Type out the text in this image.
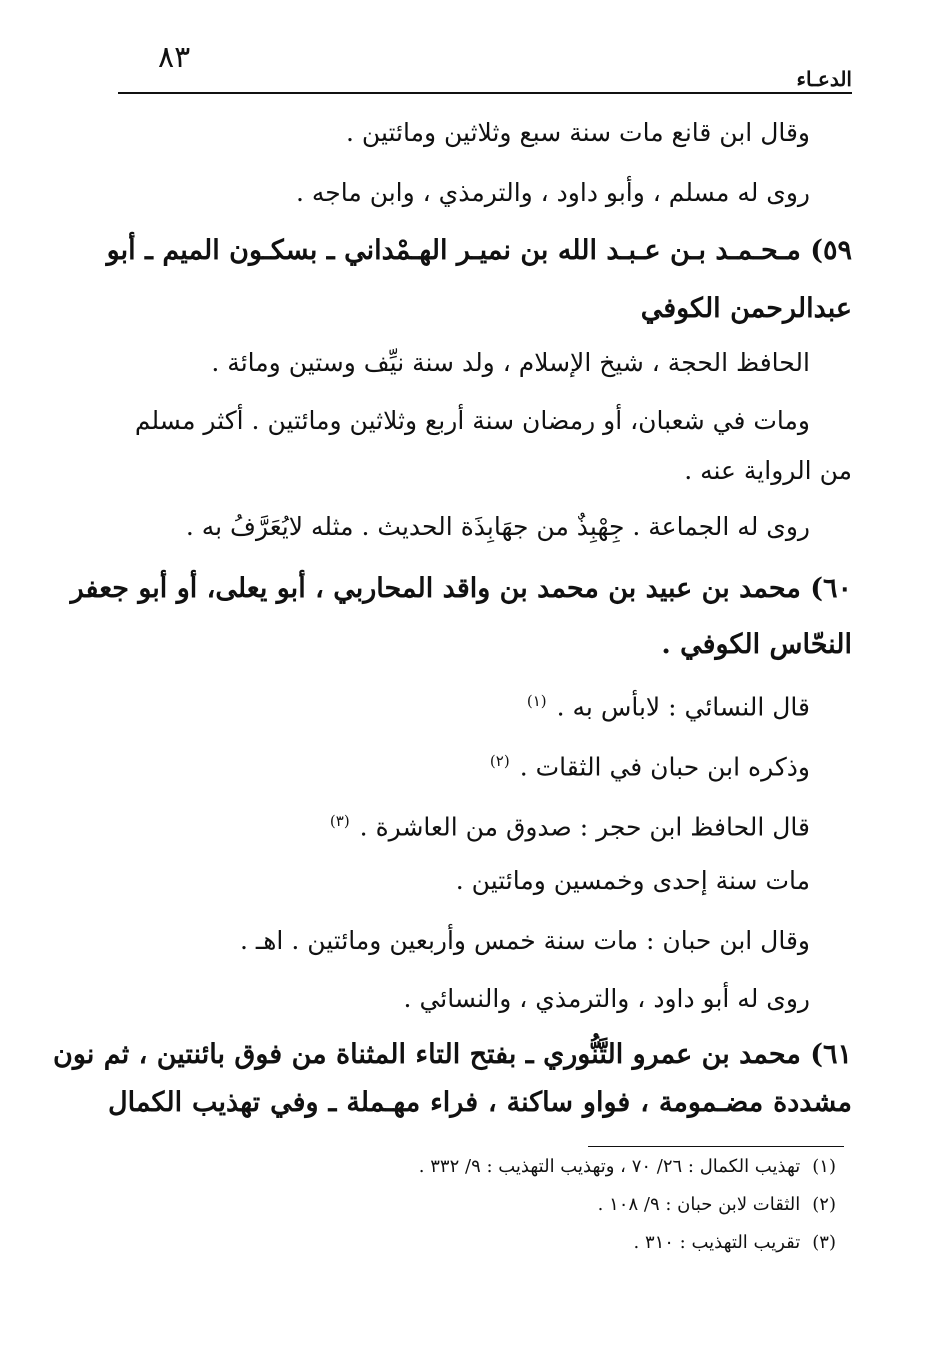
٨٣
الدعـاء
وقال ابن قانع مات سنة سبع وثلاثين ومائتين .
روى له مسلم ، وأبو داود ، والترمذي ، وابن ماجه .
٥٩) مـحـمـد بـن عـبـد الله بن نميـر الهـمْداني ـ بسكـون الميم ـ أبو
عبدالرحمن الكوفي
الحافظ الحجة ، شيخ الإسلام ، ولد سنة نيِّف وستين ومائة .
ومات في شعبان، أو رمضان سنة أربع وثلاثين ومائتين . أكثر مسلم
من الرواية عنه .
روى له الجماعة . جِهْبِذٌ من جهَابِذَة الحديث . مثله لايُعَرَّفُ به .
٦٠) محمد بن عبيد بن محمد بن واقد المحاربي ، أبو يعلى، أو أبو جعفر
النحّاس الكوفي .
قال النسائي : لابأس به .$^{(١)}$
وذكره ابن حبان في الثقات .$^{(٢)}$
قال الحافظ ابن حجر : صدوق من العاشرة .$^{(٣)}$
مات سنة إحدى وخمسين ومائتين .
وقال ابن حبان : مات سنة خمس وأربعين ومائتين . اهـ .
روى له أبو داود ، والترمذي ، والنسائي .
٦١) محمد بن عمرو التَّنُّوري ـ بفتح التاء المثناة من فوق بائنتين ، ثم نون
مشددة مضـمومة ، فواو ساكنة ، فراء مهـملة ـ وفي تهذيب الكمال
(١)تهذيب الكمال : ٢٦/ ٧٠ ، وتهذيب التهذيب : ٩/ ٣٣٢ .
(٢)الثقات لابن حبان : ٩/ ١٠٨ .
(٣)تقريب التهذيب : ٣١٠ .
